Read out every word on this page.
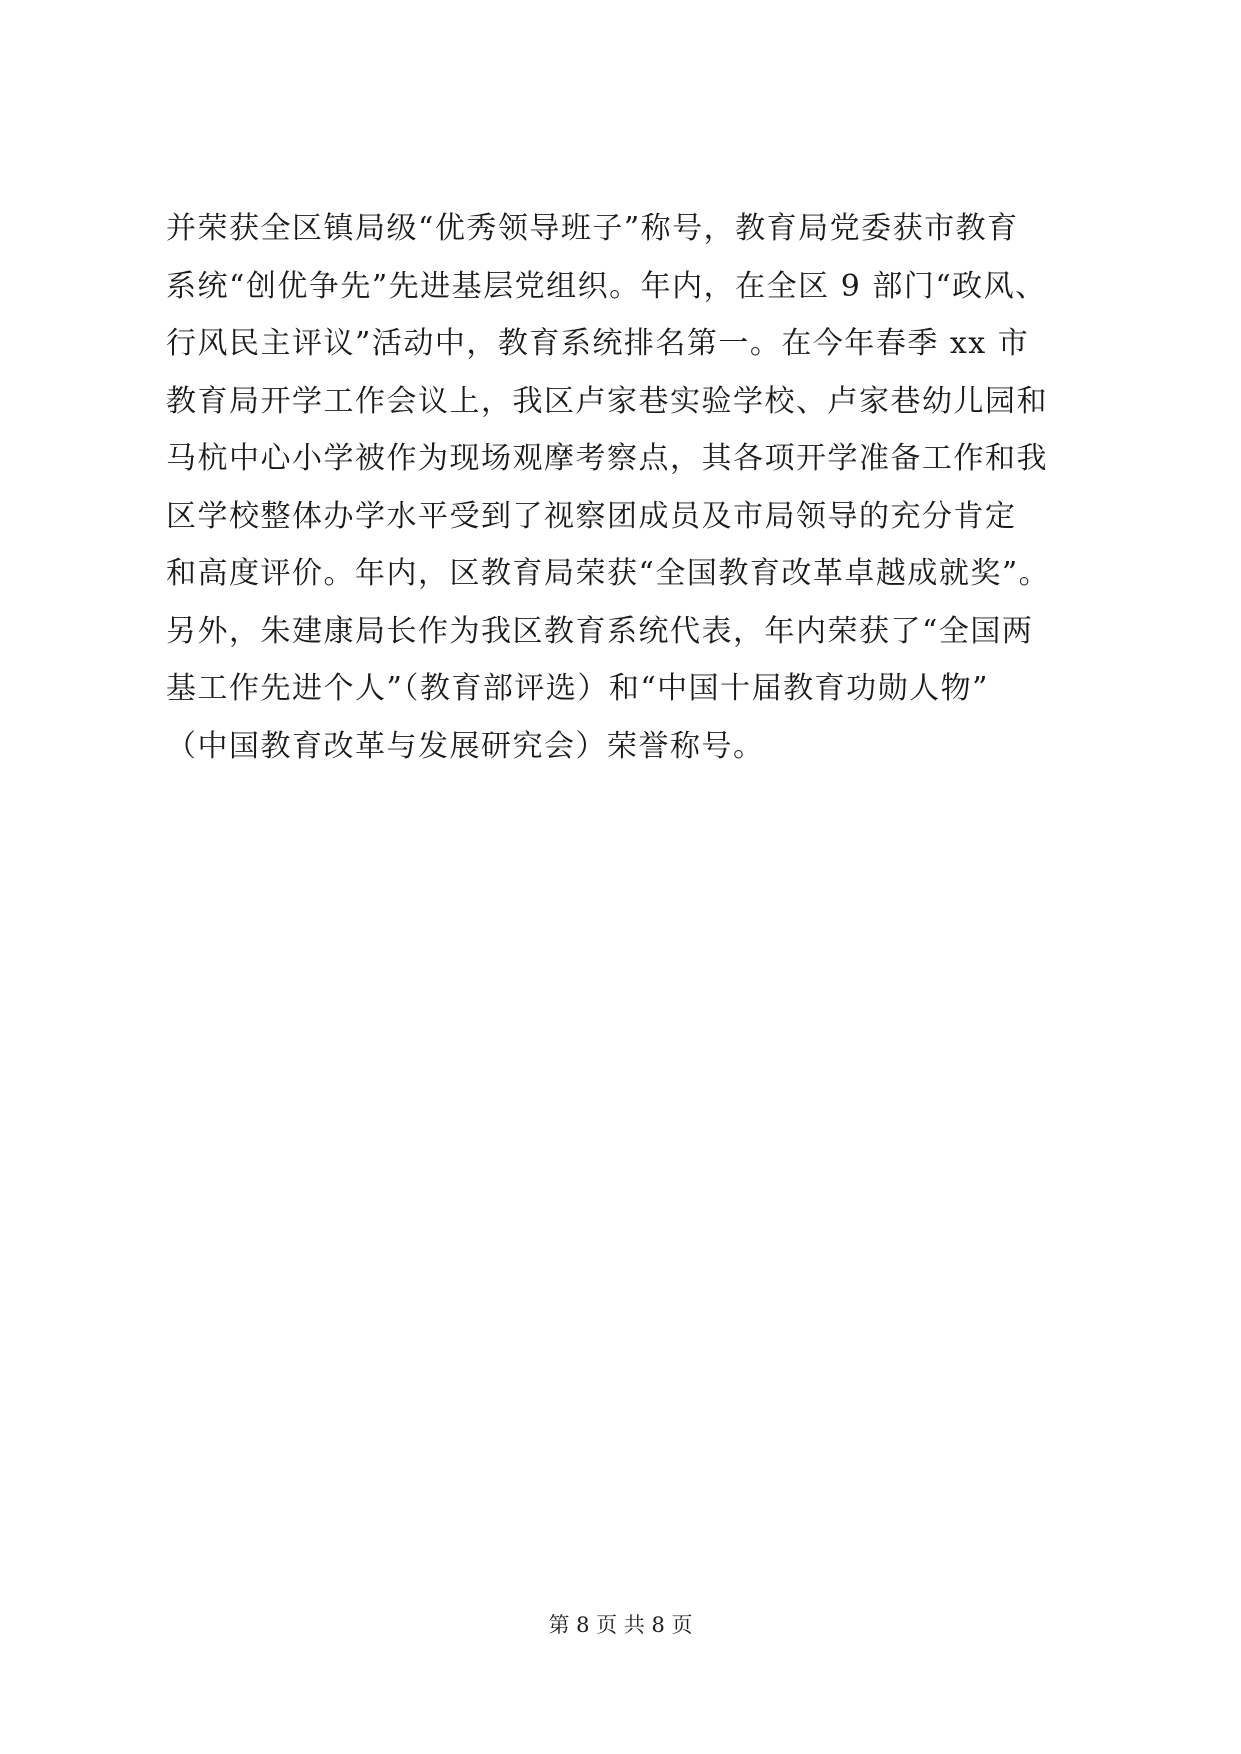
并荣获全区镇局级“优秀领导班子”称号，教育局党委获市教育
系统“创优争先”先进基层党组织。年内，在全区 9 部门“政风、
行风民主评议”活动中，教育系统排名第一。在今年春季 xx 市
教育局开学工作会议上，我区卢家巷实验学校、卢家巷幼儿园和
马杭中心小学被作为现场观摩考察点，其各项开学准备工作和我
区学校整体办学水平受到了视察团成员及市局领导的充分肯定
和高度评价。年内，区教育局荣获“全国教育改革卓越成就奖”。
另外，朱建康局长作为我区教育系统代表，年内荣获了“全国两
基工作先进个人”（教育部评选）和“中国十届教育功勋人物”
（中国教育改革与发展研究会）荣誉称号。
第 8 页 共 8 页
